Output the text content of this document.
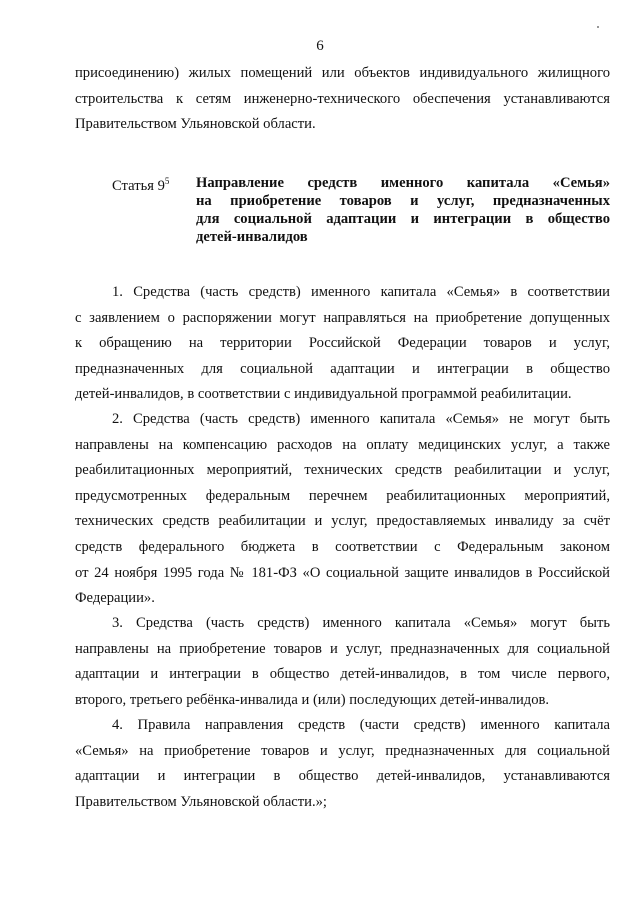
6
присоединению) жилых помещений или объектов индивидуального жилищного
строительства к сетям инженерно-технического обеспечения устанавливаются
Правительством Ульяновской области.
Статья $9^5$ Направление средств именного капитала «Семья»
на приобретение товаров и услуг, предназначенных
для социальной адаптации и интеграции в общество
детей-инвалидов
1. Средства (часть средств) именного капитала «Семья» в соответствии
с заявлением о распоряжении могут направляться на приобретение допущенных
к обращению на территории Российской Федерации товаров и услуг,
предназначенных для социальной адаптации и интеграции в общество
детей-инвалидов, в соответствии с индивидуальной программой реабилитации.
2. Средства (часть средств) именного капитала «Семья» не могут быть
направлены на компенсацию расходов на оплату медицинских услуг, а также
реабилитационных мероприятий, технических средств реабилитации и услуг,
предусмотренных федеральным перечнем реабилитационных мероприятий,
технических средств реабилитации и услуг, предоставляемых инвалиду за счёт
средств федерального бюджета в соответствии с Федеральным законом
от 24 ноября 1995 года № 181-ФЗ «О социальной защите инвалидов в Российской
Федерации».
3. Средства (часть средств) именного капитала «Семья» могут быть
направлены на приобретение товаров и услуг, предназначенных для социальной
адаптации и интеграции в общество детей-инвалидов, в том числе первого,
второго, третьего ребёнка-инвалида и (или) последующих детей-инвалидов.
4. Правила направления средств (части средств) именного капитала
«Семья» на приобретение товаров и услуг, предназначенных для социальной
адаптации и интеграции в общество детей-инвалидов, устанавливаются
Правительством Ульяновской области.»;
